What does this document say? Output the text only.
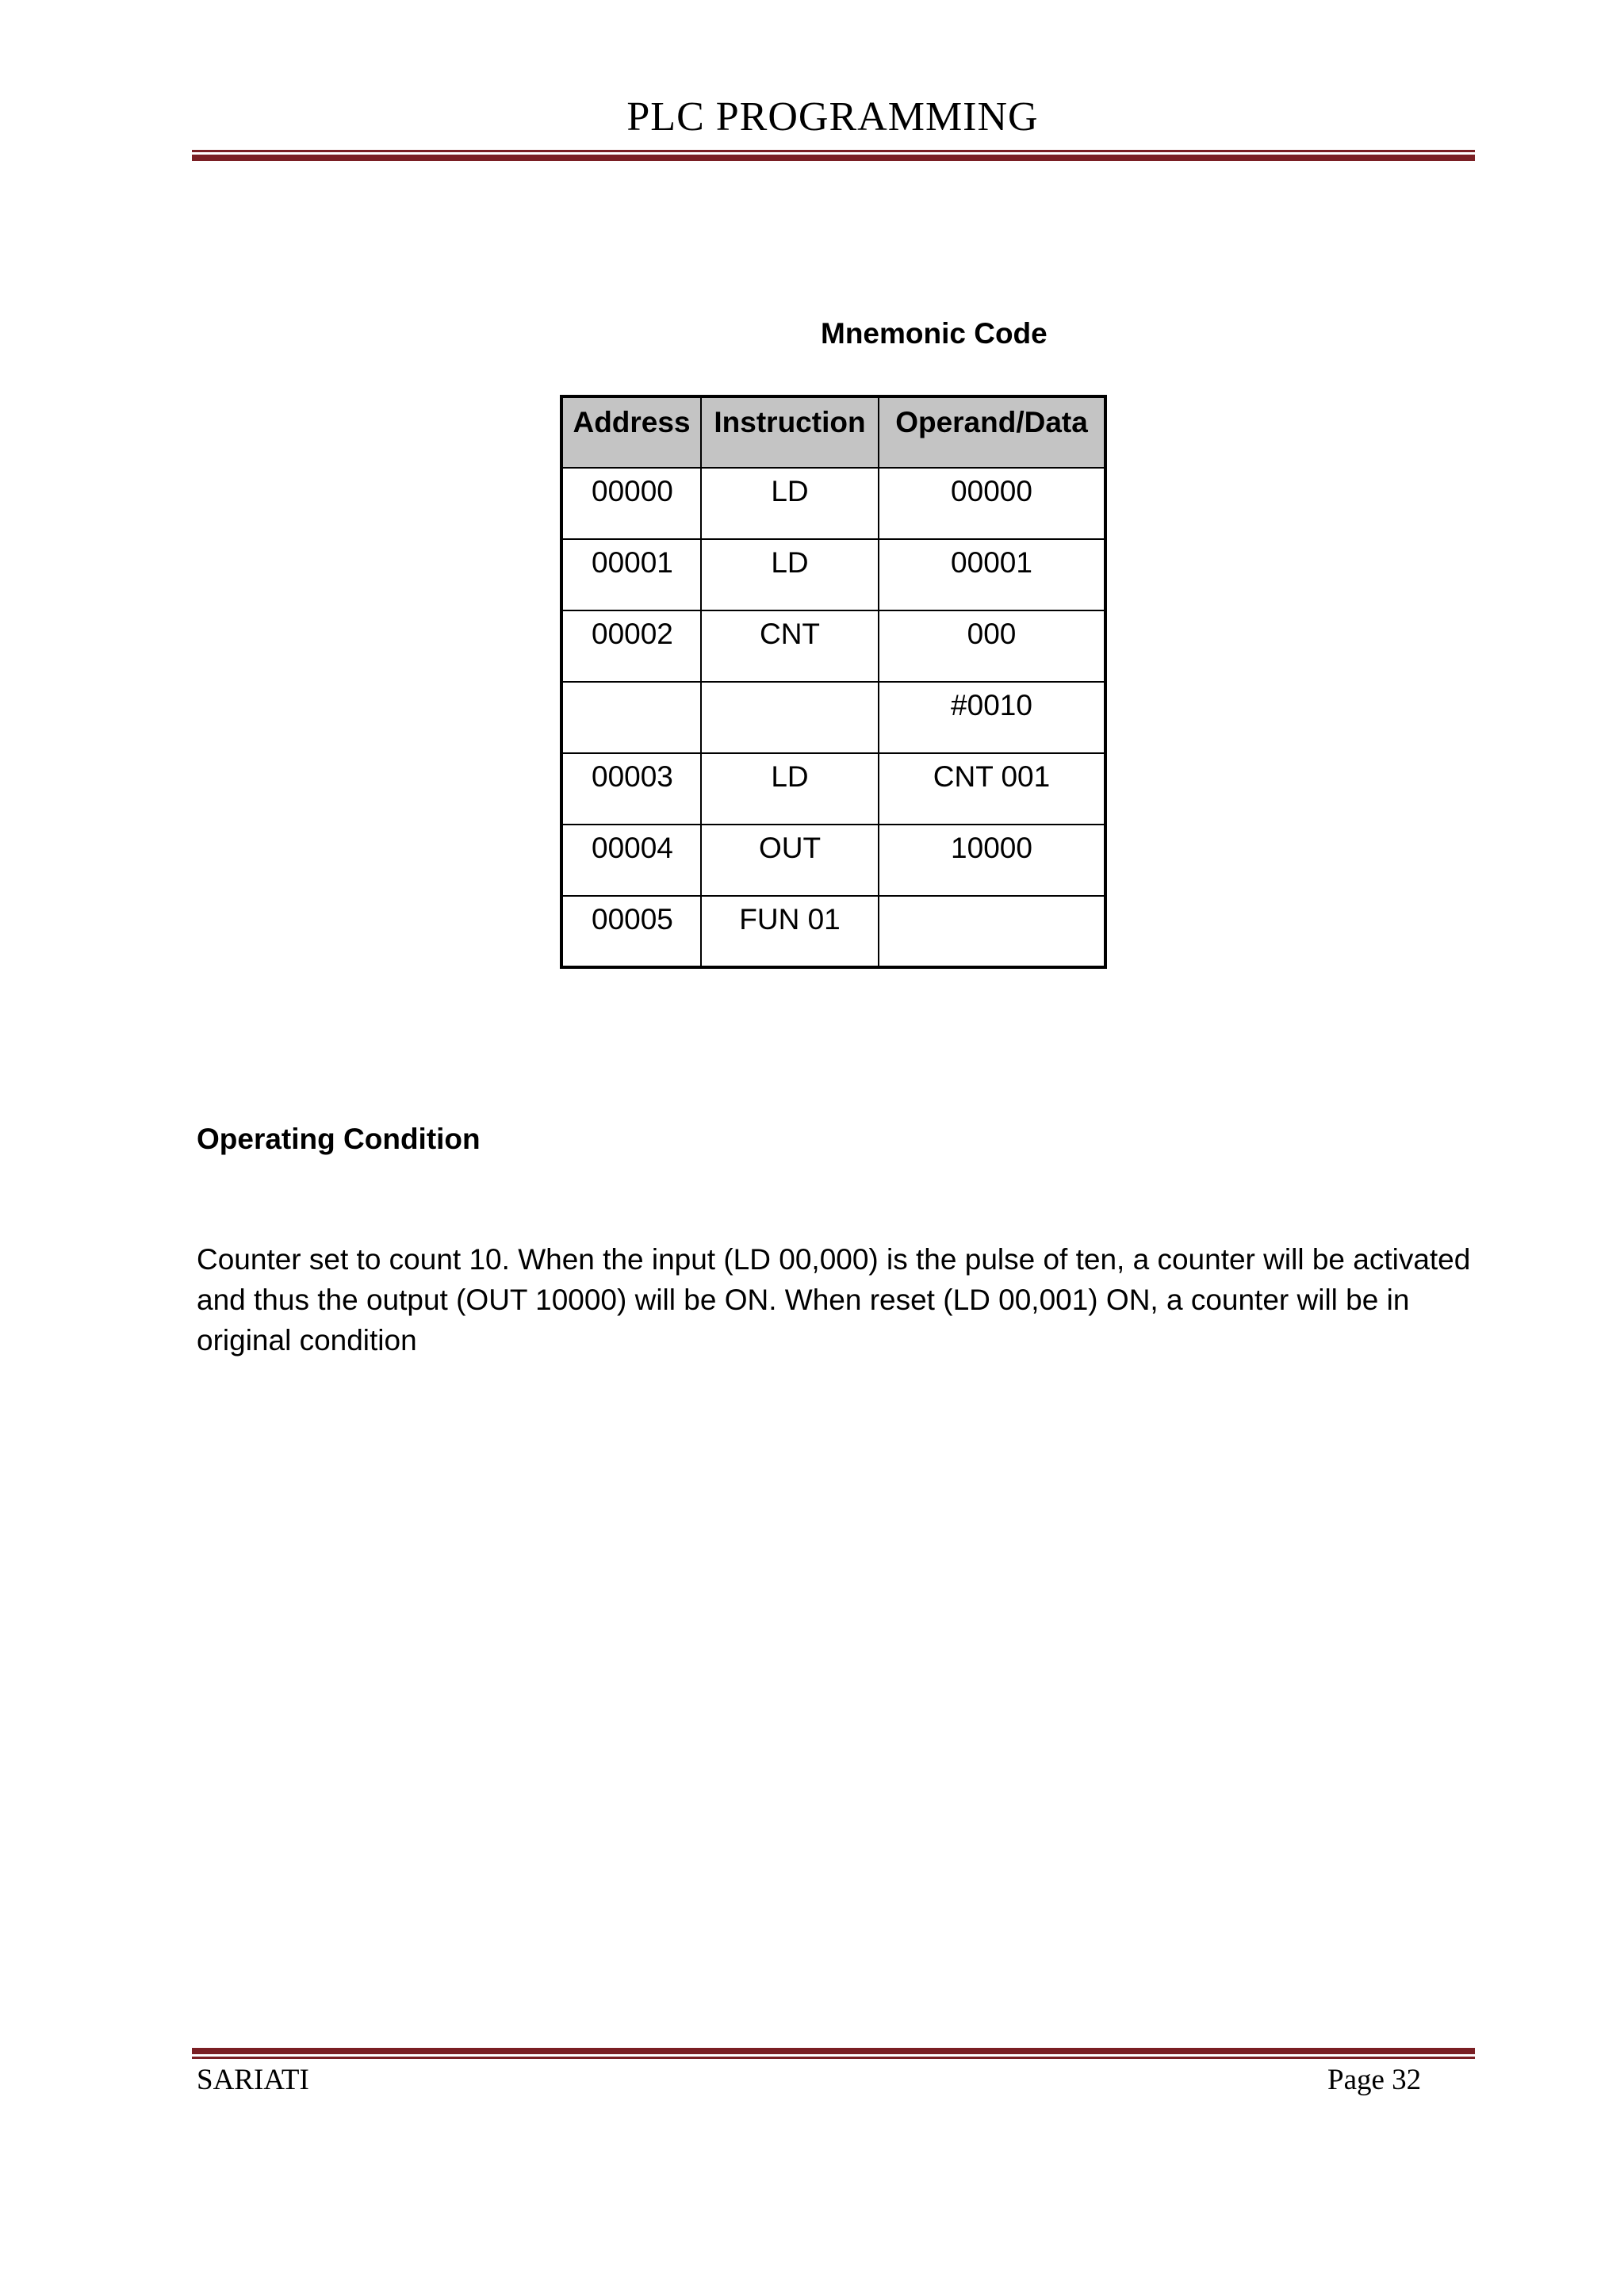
PLC PROGRAMMING

Mnemonic Code

Address	Instruction	Operand/Data
00000	LD	00000
00001	LD	00001
00002	CNT	000
		#0010
00003	LD	CNT 001
00004	OUT	10000
00005	FUN 01	
Operating Condition

Counter set to count 10. When the input (LD 00,000) is the pulse of ten, a counter will be activated and thus the output (OUT 10000) will be ON. When reset (LD 00,001) ON, a counter will be in original condition

SARIATI	Page 32
